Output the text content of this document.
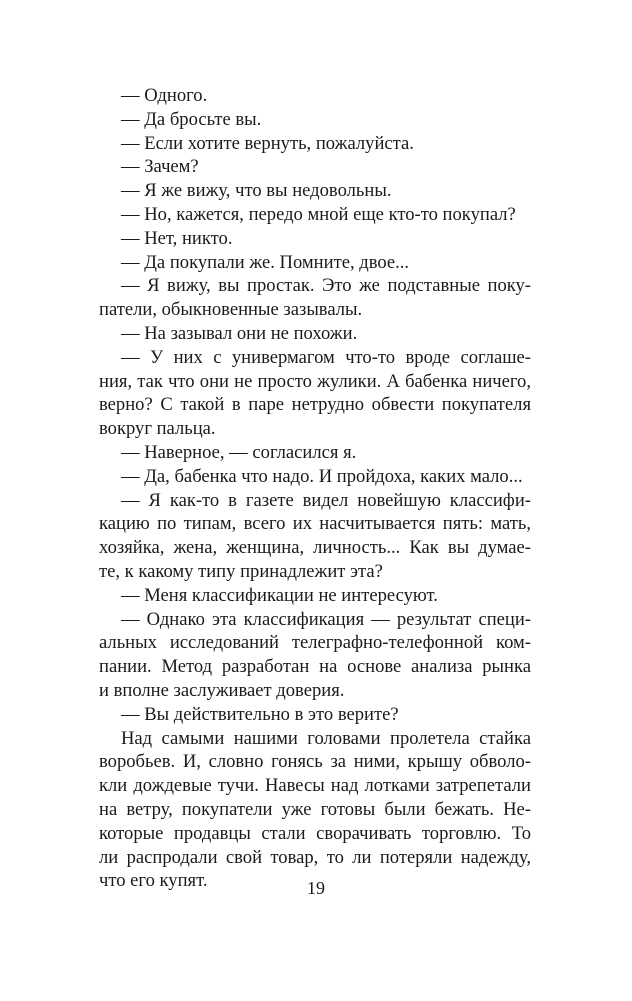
— Одного.
— Да бросьте вы.
— Если хотите вернуть, пожалуйста.
— Зачем?
— Я же вижу, что вы недовольны.
— Но, кажется, передо мной еще кто-то покупал?
— Нет, никто.
— Да покупали же. Помните, двое...
— Я вижу, вы простак. Это же подставные поку-
патели, обыкновенные зазывалы.
— На зазывал они не похожи.
— У них с универмагом что-то вроде соглаше-
ния, так что они не просто жулики. А бабенка ничего,
верно? С такой в паре нетрудно обвести покупателя
вокруг пальца.
— Наверное, — согласился я.
— Да, бабенка что надо. И пройдоха, каких мало...
— Я как-то в газете видел новейшую классифи-
кацию по типам, всего их насчитывается пять: мать,
хозяйка, жена, женщина, личность... Как вы думае-
те, к какому типу принадлежит эта?
— Меня классификации не интересуют.
— Однако эта классификация — результат специ-
альных исследований телеграфно-телефонной ком-
пании. Метод разработан на основе анализа рынка
и вполне заслуживает доверия.
— Вы действительно в это верите?
Над самыми нашими головами пролетела стайка
воробьев. И, словно гонясь за ними, крышу обволо-
кли дождевые тучи. Навесы над лотками затрепетали
на ветру, покупатели уже готовы были бежать. Не-
которые продавцы стали сворачивать торговлю. То
ли распродали свой товар, то ли потеряли надежду,
что его купят.	19
